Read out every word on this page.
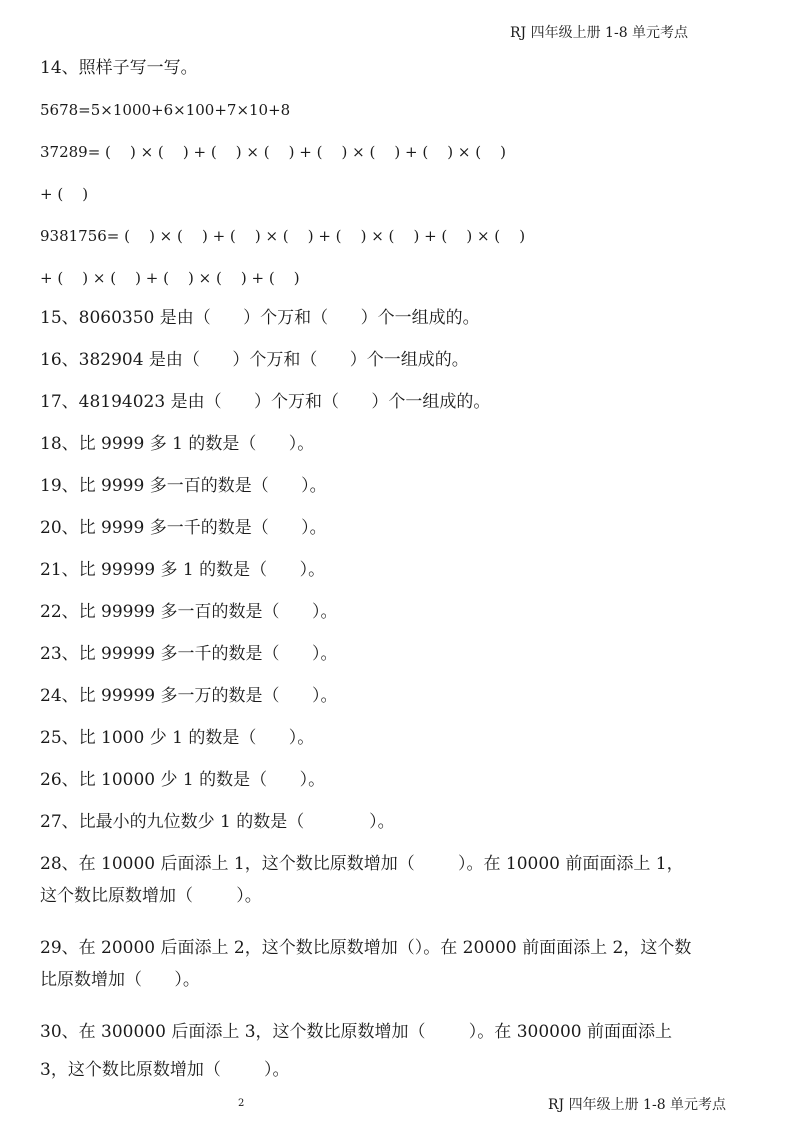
RJ 四年级上册 1-8 单元考点
14、照样子写一写。
5678=5×1000+6×100+7×10+8
37289= (    ) × (    ) + (    ) × (    ) + (    ) × (    ) + (    ) × (    )
+ (    )
9381756= (    ) × (    ) + (    ) × (    ) + (    ) × (    ) + (    ) × (    )
+ (    ) × (    ) + (    ) × (    ) + (    )
15、8060350 是由（      ）个万和（      ）个一组成的。
16、382904 是由（      ）个万和（      ）个一组成的。
17、48194023 是由（      ）个万和（      ）个一组成的。
18、比 9999 多 1 的数是（      ）。
19、比 9999 多一百的数是（      ）。
20、比 9999 多一千的数是（      ）。
21、比 99999 多 1 的数是（      ）。
22、比 99999 多一百的数是（      ）。
23、比 99999 多一千的数是（      ）。
24、比 99999 多一万的数是（      ）。
25、比 1000 少 1 的数是（      ）。
26、比 10000 少 1 的数是（      ）。
27、比最小的九位数少 1 的数是（            ）。
28、在 10000 后面添上 1，这个数比原数增加（        ）。在 10000 前面面添上 1，
这个数比原数增加（        ）。
29、在 20000 后面添上 2，这个数比原数增加（）。在 20000 前面面添上 2，这个数
比原数增加（      ）。
30、在 300000 后面添上 3，这个数比原数增加（        ）。在 300000 前面面添上
3，这个数比原数增加（        ）。
2	RJ 四年级上册 1-8 单元考点
